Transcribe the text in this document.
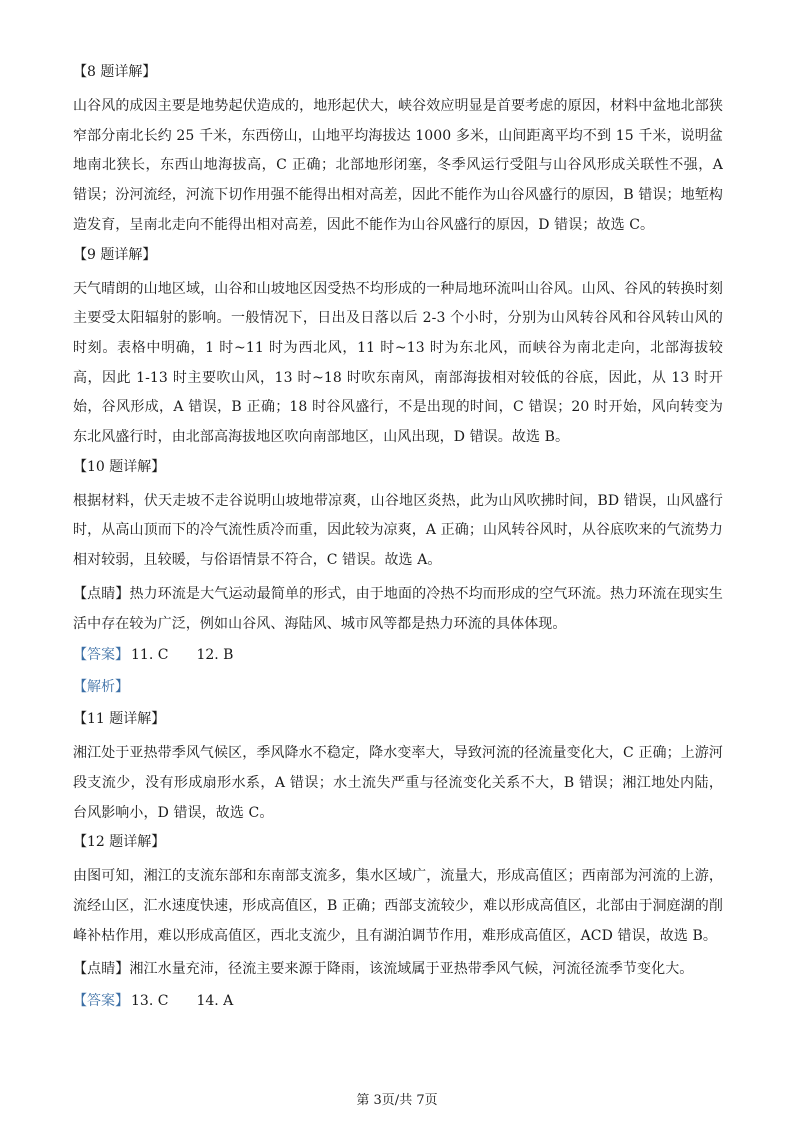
【8 题详解】
山谷风的成因主要是地势起伏造成的，地形起伏大，峡谷效应明显是首要考虑的原因，材料中盆地北部狭窄部分南北长约 25 千米，东西傍山，山地平均海拔达 1000 多米，山间距离平均不到 15 千米，说明盆地南北狭长，东西山地海拔高，C 正确；北部地形闭塞，冬季风运行受阻与山谷风形成关联性不强，A 错误；汾河流经，河流下切作用强不能得出相对高差，因此不能作为山谷风盛行的原因，B 错误；地堑构造发育，呈南北走向不能得出相对高差，因此不能作为山谷风盛行的原因，D 错误；故选 C。
【9 题详解】
天气晴朗的山地区域，山谷和山坡地区因受热不均形成的一种局地环流叫山谷风。山风、谷风的转换时刻主要受太阳辐射的影响。一般情况下，日出及日落以后 2-3 个小时，分别为山风转谷风和谷风转山风的时刻。表格中明确，1 时~11 时为西北风，11 时~13 时为东北风，而峡谷为南北走向，北部海拔较高，因此 1-13 时主要吹山风，13 时~18 时吹东南风，南部海拔相对较低的谷底，因此，从 13 时开始，谷风形成，A 错误，B 正确；18 时谷风盛行，不是出现的时间，C 错误；20 时开始，风向转变为东北风盛行时，由北部高海拔地区吹向南部地区，山风出现，D 错误。故选 B。
【10 题详解】
根据材料，伏天走坡不走谷说明山坡地带凉爽，山谷地区炎热，此为山风吹拂时间，BD 错误，山风盛行时，从高山顶而下的冷气流性质冷而重，因此较为凉爽，A 正确；山风转谷风时，从谷底吹来的气流势力相对较弱，且较暖，与俗语情景不符合，C 错误。故选 A。
【点睛】热力环流是大气运动最简单的形式，由于地面的冷热不均而形成的空气环流。热力环流在现实生活中存在较为广泛，例如山谷风、海陆风、城市风等都是热力环流的具体体现。
【答案】 11. C 12. B
【解析】
【11 题详解】
湘江处于亚热带季风气候区，季风降水不稳定，降水变率大，导致河流的径流量变化大，C 正确；上游河段支流少，没有形成扇形水系，A 错误；水土流失严重与径流变化关系不大，B 错误；湘江地处内陆，台风影响小，D 错误，故选 C。
【12 题详解】
由图可知，湘江的支流东部和东南部支流多，集水区域广，流量大，形成高值区；西南部为河流的上游，流经山区，汇水速度快速，形成高值区，B 正确；西部支流较少，难以形成高值区，北部由于洞庭湖的削峰补枯作用，难以形成高值区，西北支流少，且有湖泊调节作用，难形成高值区，ACD 错误，故选 B。
【点睛】湘江水量充沛，径流主要来源于降雨，该流域属于亚热带季风气候，河流径流季节变化大。
【答案】 13. C 14. A
第 3页/共 7页
